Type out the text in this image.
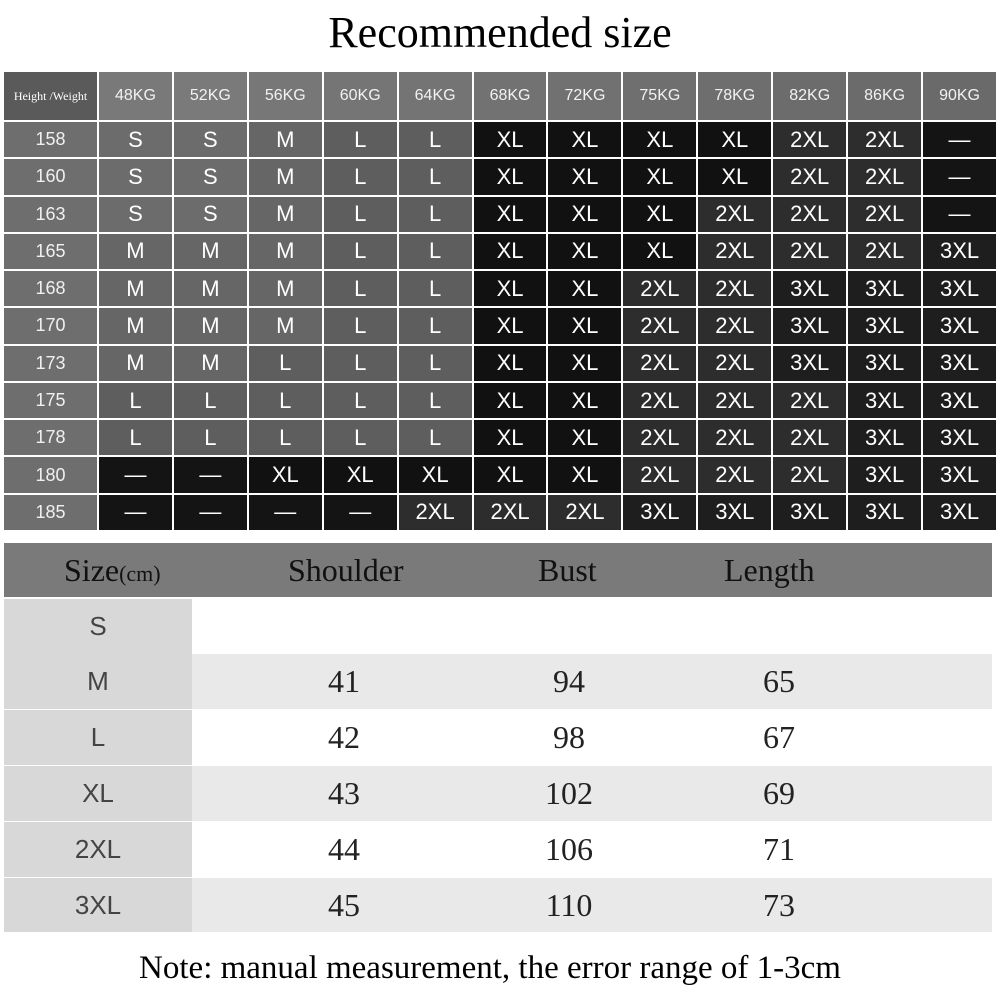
Recommended size
Height /Weight	48KG	52KG	56KG	60KG	64KG	68KG	72KG	75KG	78KG	82KG	86KG	90KG
158	S	S	M	L	L	XL	XL	XL	XL	2XL	2XL	—
160	S	S	M	L	L	XL	XL	XL	XL	2XL	2XL	—
163	S	S	M	L	L	XL	XL	XL	2XL	2XL	2XL	—
165	M	M	M	L	L	XL	XL	XL	2XL	2XL	2XL	3XL
168	M	M	M	L	L	XL	XL	2XL	2XL	3XL	3XL	3XL
170	M	M	M	L	L	XL	XL	2XL	2XL	3XL	3XL	3XL
173	M	M	L	L	L	XL	XL	2XL	2XL	3XL	3XL	3XL
175	L	L	L	L	L	XL	XL	2XL	2XL	2XL	3XL	3XL
178	L	L	L	L	L	XL	XL	2XL	2XL	2XL	3XL	3XL
180	—	—	XL	XL	XL	XL	XL	2XL	2XL	2XL	3XL	3XL
185	—	—	—	—	2XL	2XL	2XL	3XL	3XL	3XL	3XL	3XL
Size(cm)	Shoulder	Bust	Length
S
M	41	94	65
L	42	98	67
XL	43	102	69
2XL	44	106	71
3XL	45	110	73
Note: manual measurement, the error range of 1-3cm
